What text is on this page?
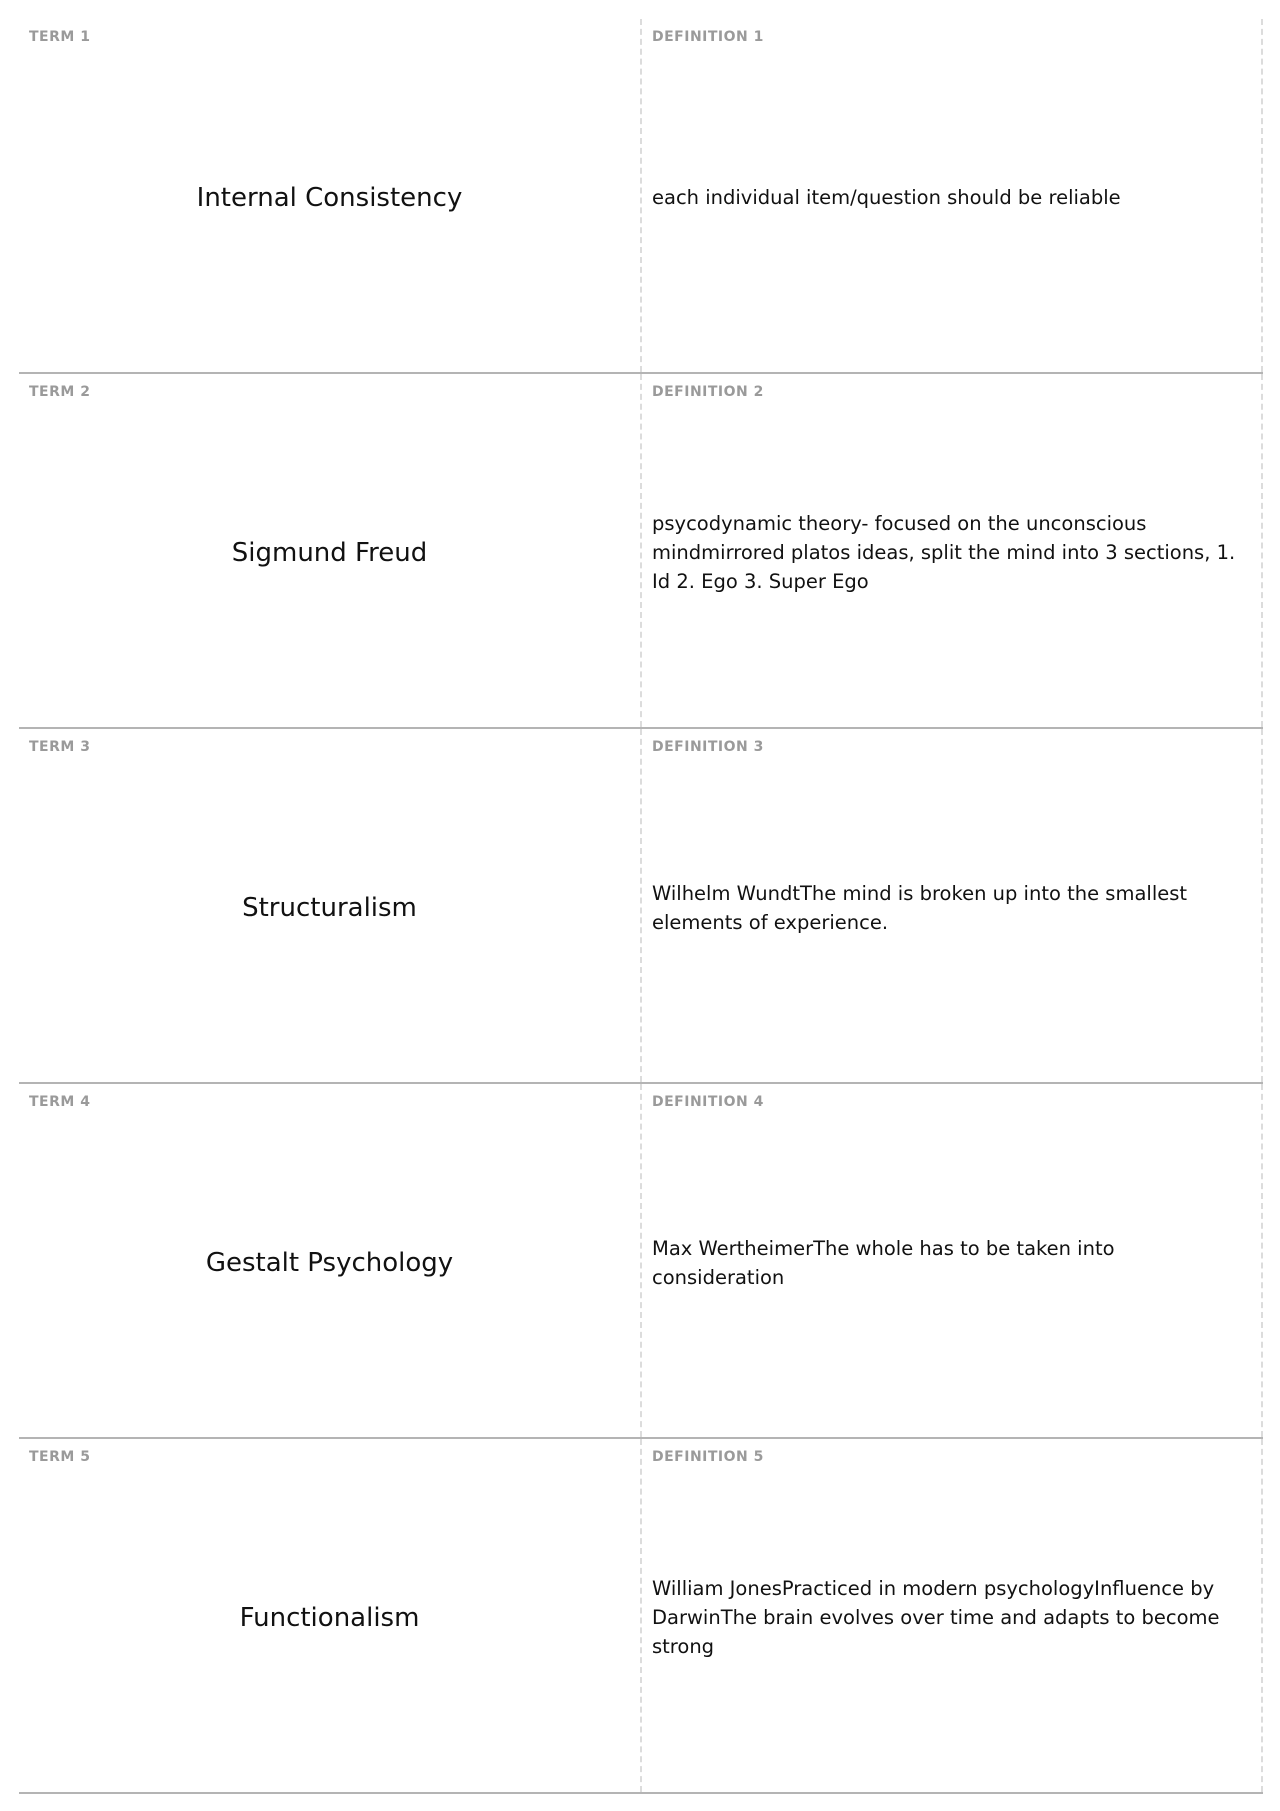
TERM 1
Internal Consistency
DEFINITION 1
each individual item/question should be reliable
TERM 2
Sigmund Freud
DEFINITION 2
psycodynamic theory- focused on the unconscious mindmirrored platos ideas, split the mind into 3 sections, 1. Id 2. Ego 3. Super Ego
TERM 3
Structuralism
DEFINITION 3
Wilhelm WundtThe mind is broken up into the smallest elements of experience.
TERM 4
Gestalt Psychology
DEFINITION 4
Max WertheimerThe whole has to be taken into consideration
TERM 5
Functionalism
DEFINITION 5
William JonesPracticed in modern psychologyInfluence by DarwinThe brain evolves over time and adapts to become strong
